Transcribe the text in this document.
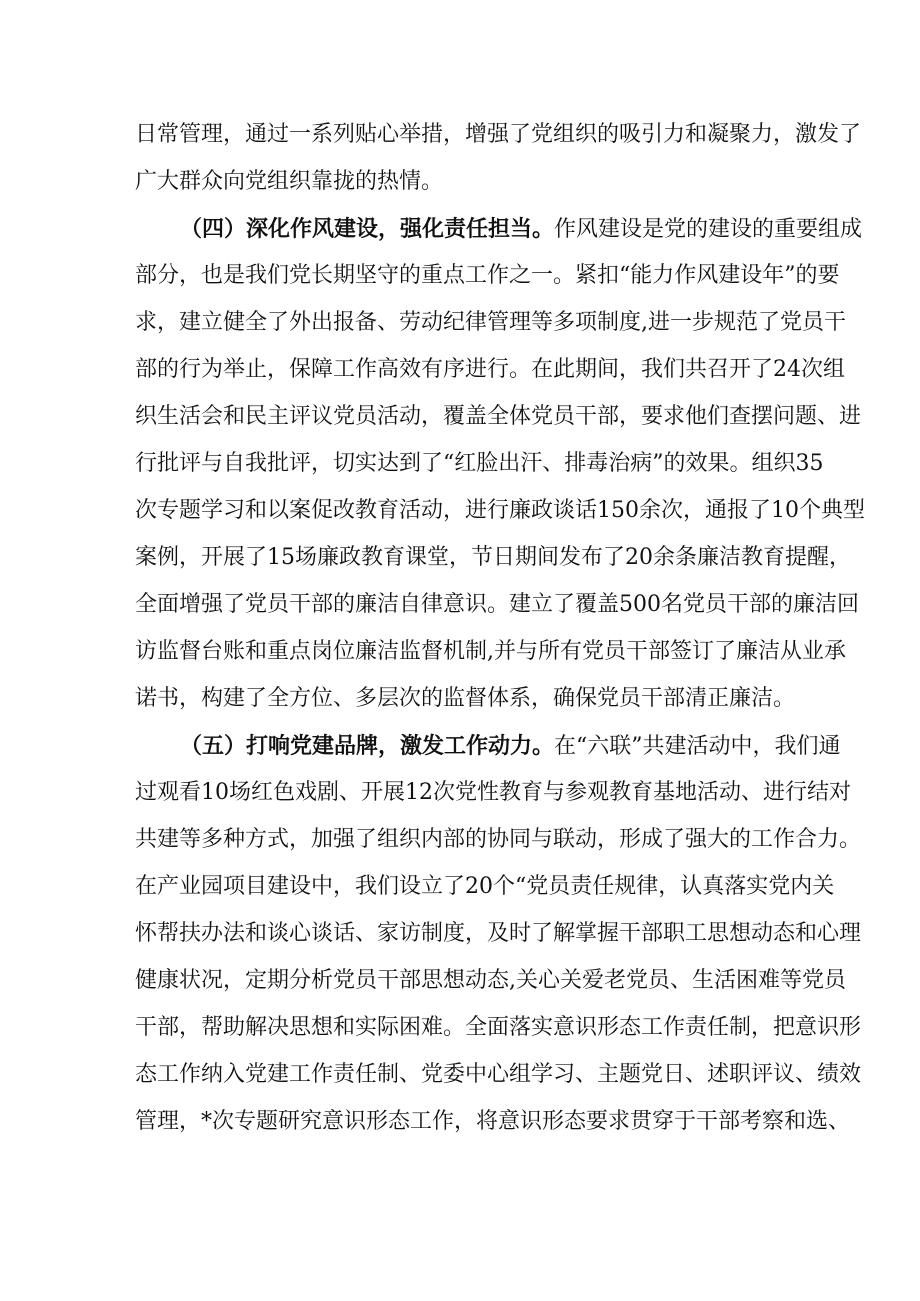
日常管理，通过一系列贴心举措，增强了党组织的吸引力和凝聚力，激发了
广大群众向党组织靠拢的热情。
（四）深化作风建设，强化责任担当。作风建设是党的建设的重要组成
部分，也是我们党长期坚守的重点工作之一。紧扣“能力作风建设年”的要
求，建立健全了外出报备、劳动纪律管理等多项制度,进一步规范了党员干
部的行为举止，保障工作高效有序进行。在此期间，我们共召开了24次组
织生活会和民主评议党员活动，覆盖全体党员干部，要求他们查摆问题、进
行批评与自我批评，切实达到了“红脸出汗、排毒治病”的效果。组织35
次专题学习和以案促改教育活动，进行廉政谈话150余次，通报了10个典型
案例，开展了15场廉政教育课堂，节日期间发布了20余条廉洁教育提醒，
全面增强了党员干部的廉洁自律意识。建立了覆盖500名党员干部的廉洁回
访监督台账和重点岗位廉洁监督机制,并与所有党员干部签订了廉洁从业承
诺书，构建了全方位、多层次的监督体系，确保党员干部清正廉洁。
（五）打响党建品牌，激发工作动力。在“六联”共建活动中，我们通
过观看10场红色戏剧、开展12次党性教育与参观教育基地活动、进行结对
共建等多种方式，加强了组织内部的协同与联动，形成了强大的工作合力。
在产业园项目建设中，我们设立了20个“党员责任规律，认真落实党内关
怀帮扶办法和谈心谈话、家访制度，及时了解掌握干部职工思想动态和心理
健康状况，定期分析党员干部思想动态,关心关爱老党员、生活困难等党员
干部，帮助解决思想和实际困难。全面落实意识形态工作责任制，把意识形
态工作纳入党建工作责任制、党委中心组学习、主题党日、述职评议、绩效
管理，*次专题研究意识形态工作，将意识形态要求贯穿于干部考察和选、
